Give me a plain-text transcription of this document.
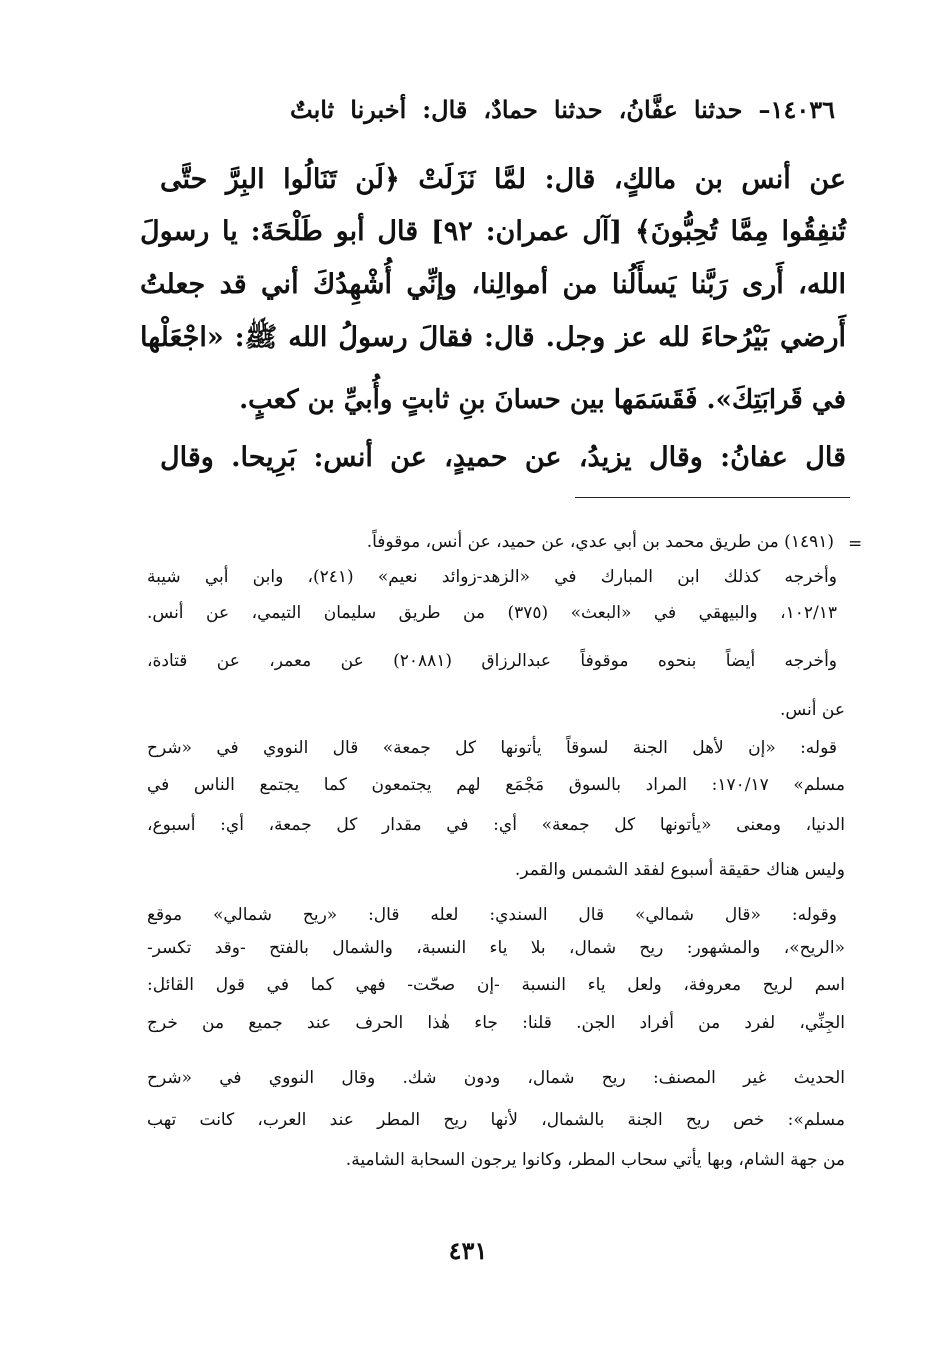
١٤٠٣٦– حدثنا عفَّانُ، حدثنا حمادٌ، قال: أخبرنا ثابتٌ
عن أنس بن مالكٍ، قال: لمَّا نَزَلَتْ ﴿لَن تَنَالُوا البِرَّ حتَّى
تُنفِقُوا مِمَّا تُحِبُّونَ﴾ [آل عمران: ٩٢] قال أبو طَلْحَةَ: يا رسولَ
الله، أَرى رَبَّنا يَسأَلُنا من أموالِنا، وإنِّي أُشْهِدُكَ أني قد جعلتُ
أَرضي بَيْرُحاءَ لله عز وجل. قال: فقالَ رسولُ الله ﷺ: «اجْعَلْها
في قَرابَتِكَ». فَقَسَمَها بين حسانَ بنِ ثابتٍ وأُبيِّ بن كعبٍ.
قال عفانُ: وقال يزيدُ، عن حميدٍ، عن أنس: بَرِيحا. وقال
=
(١٤٩١) من طريق محمد بن أبي عدي، عن حميد، عن أنس، موقوفاً.
وأخرجه كذلك ابن المبارك في «الزهد-زوائد نعيم» (٢٤١)، وابن أبي شيبة
١٠٢/١٣، والبيهقي في «البعث» (٣٧٥) من طريق سليمان التيمي، عن أنس.
وأخرجه أيضاً بنحوه موقوفاً عبدالرزاق (٢٠٨٨١) عن معمر، عن قتادة،
عن أنس.
قوله: «إن لأهل الجنة لسوقاً يأتونها كل جمعة» قال النووي في «شرح
مسلم» ١٧٠/١٧: المراد بالسوق مَجْمَع لهم يجتمعون كما يجتمع الناس في
الدنيا، ومعنى «يأتونها كل جمعة» أي: في مقدار كل جمعة، أي: أسبوع،
وليس هناك حقيقة أسبوع لفقد الشمس والقمر.
وقوله: «قال شمالي» قال السندي: لعله قال: «ريح شمالي» موقع
«الريح»، والمشهور: ريح شمال، بلا ياء النسبة، والشمال بالفتح -وقد تكسر-
اسم لريح معروفة، ولعل ياء النسبة -إن صحّت- فهي كما في قول القائل:
الجِنِّي، لفرد من أفراد الجن. قلنا: جاء هٰذا الحرف عند جميع من خرج
الحديث غير المصنف: ريح شمال، ودون شك. وقال النووي في «شرح
مسلم»: خص ريح الجنة بالشمال، لأنها ريح المطر عند العرب، كانت تهب
من جهة الشام، وبها يأتي سحاب المطر، وكانوا يرجون السحابة الشامية.
٤٣١
